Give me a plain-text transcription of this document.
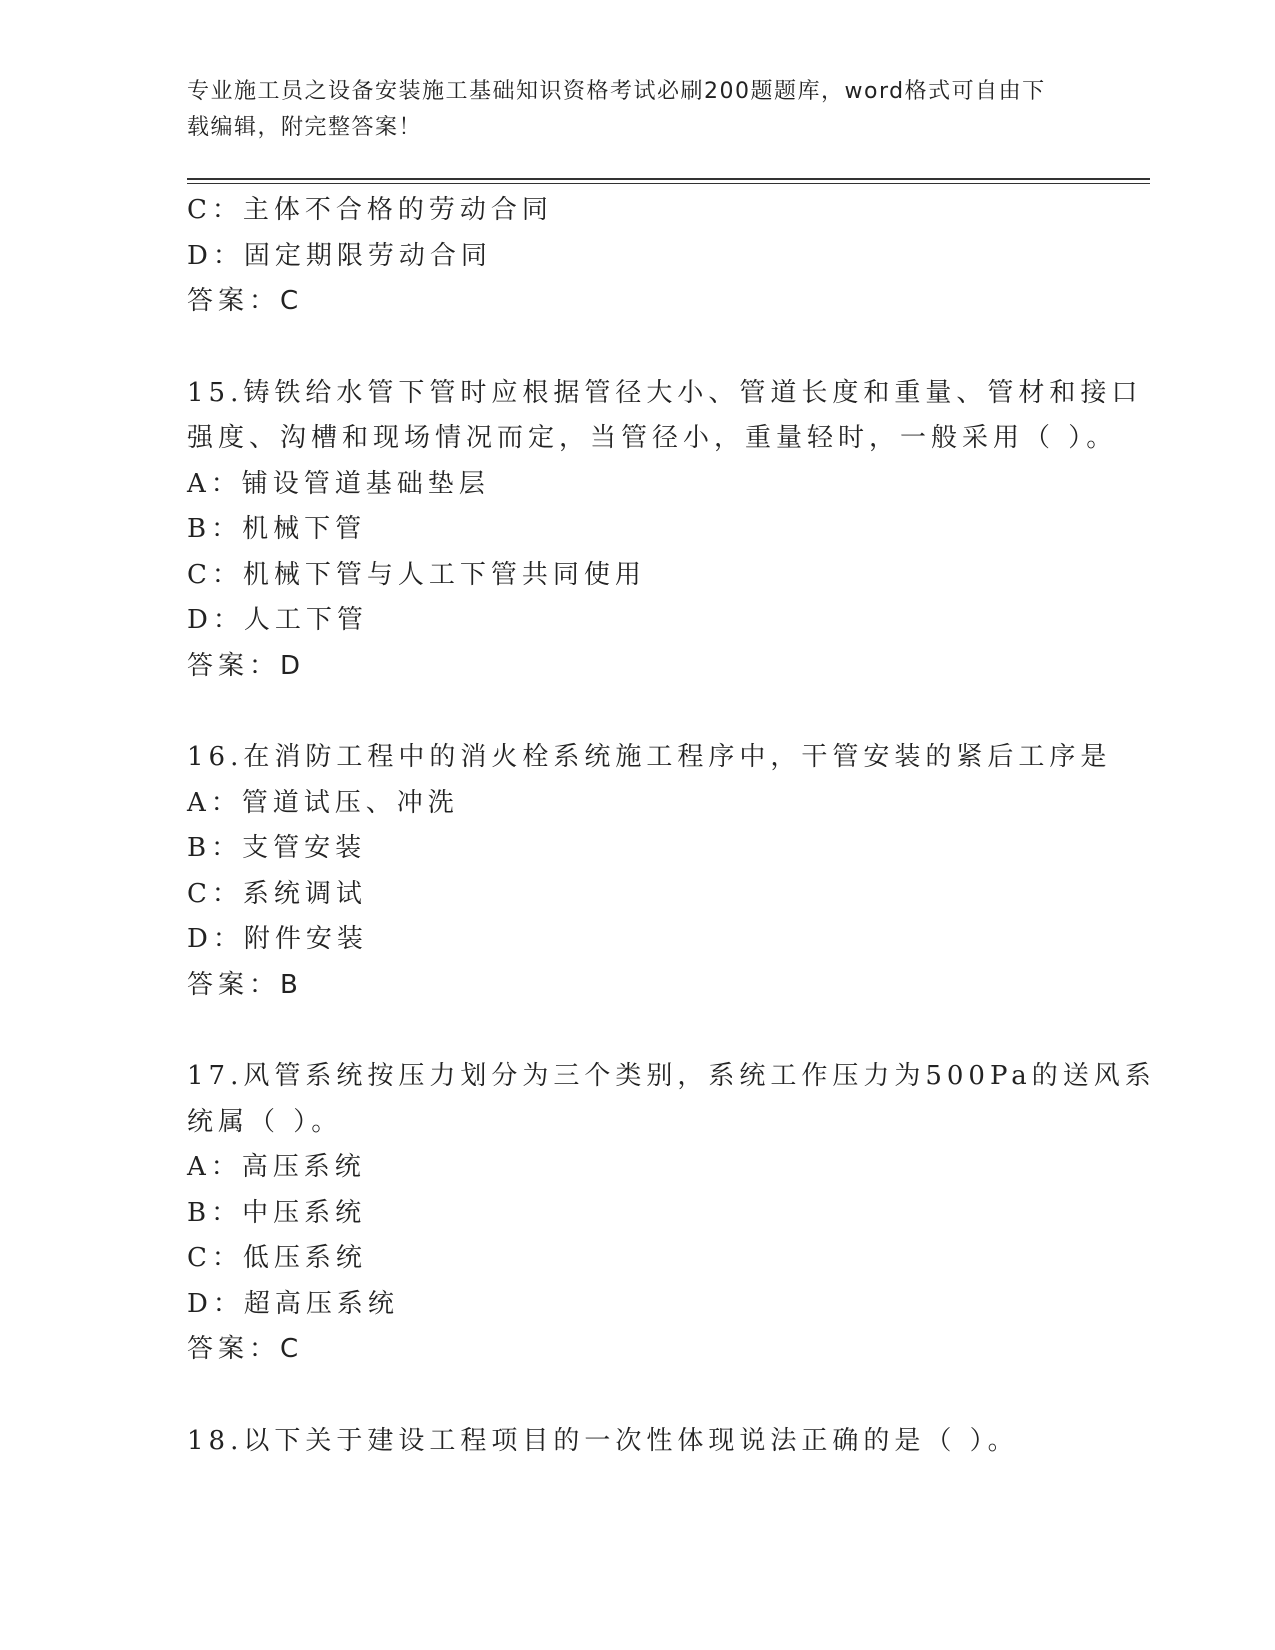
专业施工员之设备安装施工基础知识资格考试必刷200题题库，word格式可自由下载编辑，附完整答案！
C：主体不合格的劳动合同
D：固定期限劳动合同
答案：C
15.铸铁给水管下管时应根据管径大小、管道长度和重量、管材和接口
强度、沟槽和现场情况而定，当管径小，重量轻时，一般采用（ ）。
A：铺设管道基础垫层
B：机械下管
C：机械下管与人工下管共同使用
D：人工下管
答案：D
16.在消防工程中的消火栓系统施工程序中，干管安装的紧后工序是
A：管道试压、冲洗
B：支管安装
C：系统调试
D：附件安装
答案：B
17.风管系统按压力划分为三个类别，系统工作压力为500Pa的送风系
统属（ ）。
A：高压系统
B：中压系统
C：低压系统
D：超高压系统
答案：C
18.以下关于建设工程项目的一次性体现说法正确的是（ ）。
